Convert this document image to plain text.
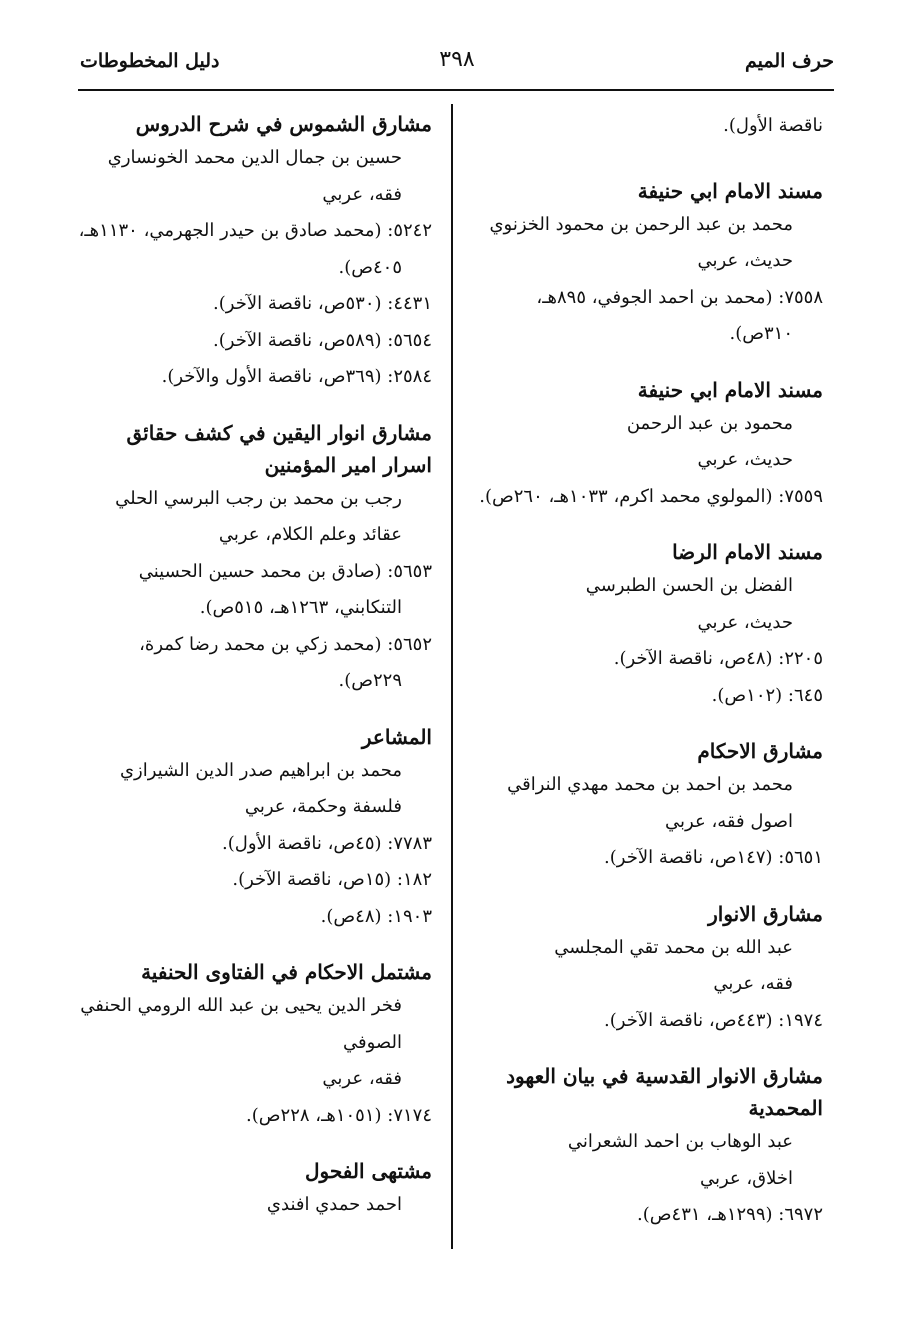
حرف الميم
٣٩٨
دليل المخطوطات
ناقصة الأول).
مسند الامام ابي حنيفة
محمد بن عبد الرحمن بن محمود الخزنوي
حديث، عربي
٧٥٥٨: (محمد بن احمد الجوفي، ٨٩٥هـ،
٣١٠ص).
مسند الامام ابي حنيفة
محمود بن عبد الرحمن
حديث، عربي
٧٥٥٩: (المولوي محمد اكرم، ١٠٣٣هـ، ٢٦٠ص).
مسند الامام الرضا
الفضل بن الحسن الطبرسي
حديث، عربي
٢٢٠٥: (٤٨ص، ناقصة الآخر).
٦٤٥: (١٠٢ص).
مشارق الاحكام
محمد بن احمد بن محمد مهدي النراقي
اصول فقه، عربي
٥٦٥١: (١٤٧ص، ناقصة الآخر).
مشارق الانوار
عبد الله بن محمد تقي المجلسي
فقه، عربي
١٩٧٤: (٤٤٣ص، ناقصة الآخر).
مشارق الانوار القدسية في بيان العهود المحمدية
عبد الوهاب بن احمد الشعراني
اخلاق، عربي
٦٩٧٢: (١٢٩٩هـ، ٤٣١ص).
مشارق الشموس في شرح الدروس
حسين بن جمال الدين محمد الخونساري
فقه، عربي
٥٢٤٢: (محمد صادق بن حيدر الجهرمي، ١١٣٠هـ،
٤٠٥ص).
٤٤٣١: (٥٣٠ص، ناقصة الآخر).
٥٦٥٤: (٥٨٩ص، ناقصة الآخر).
٢٥٨٤: (٣٦٩ص، ناقصة الأول والآخر).
مشارق انوار اليقين في كشف حقائق اسرار امير المؤمنين
رجب بن محمد بن رجب البرسي الحلي
عقائد وعلم الكلام، عربي
٥٦٥٣: (صادق بن محمد حسين الحسيني
التنكابني، ١٢٦٣هـ، ٥١٥ص).
٥٦٥٢: (محمد زكي بن محمد رضا كمرة،
٢٢٩ص).
المشاعر
محمد بن ابراهيم صدر الدين الشيرازي
فلسفة وحكمة، عربي
٧٧٨٣: (٤٥ص، ناقصة الأول).
١٨٢: (١٥ص، ناقصة الآخر).
١٩٠٣: (٤٨ص).
مشتمل الاحكام في الفتاوى الحنفية
فخر الدين يحيى بن عبد الله الرومي الحنفي الصوفي
فقه، عربي
٧١٧٤: (١٠٥١هـ، ٢٢٨ص).
مشتهى الفحول
احمد حمدي افندي
